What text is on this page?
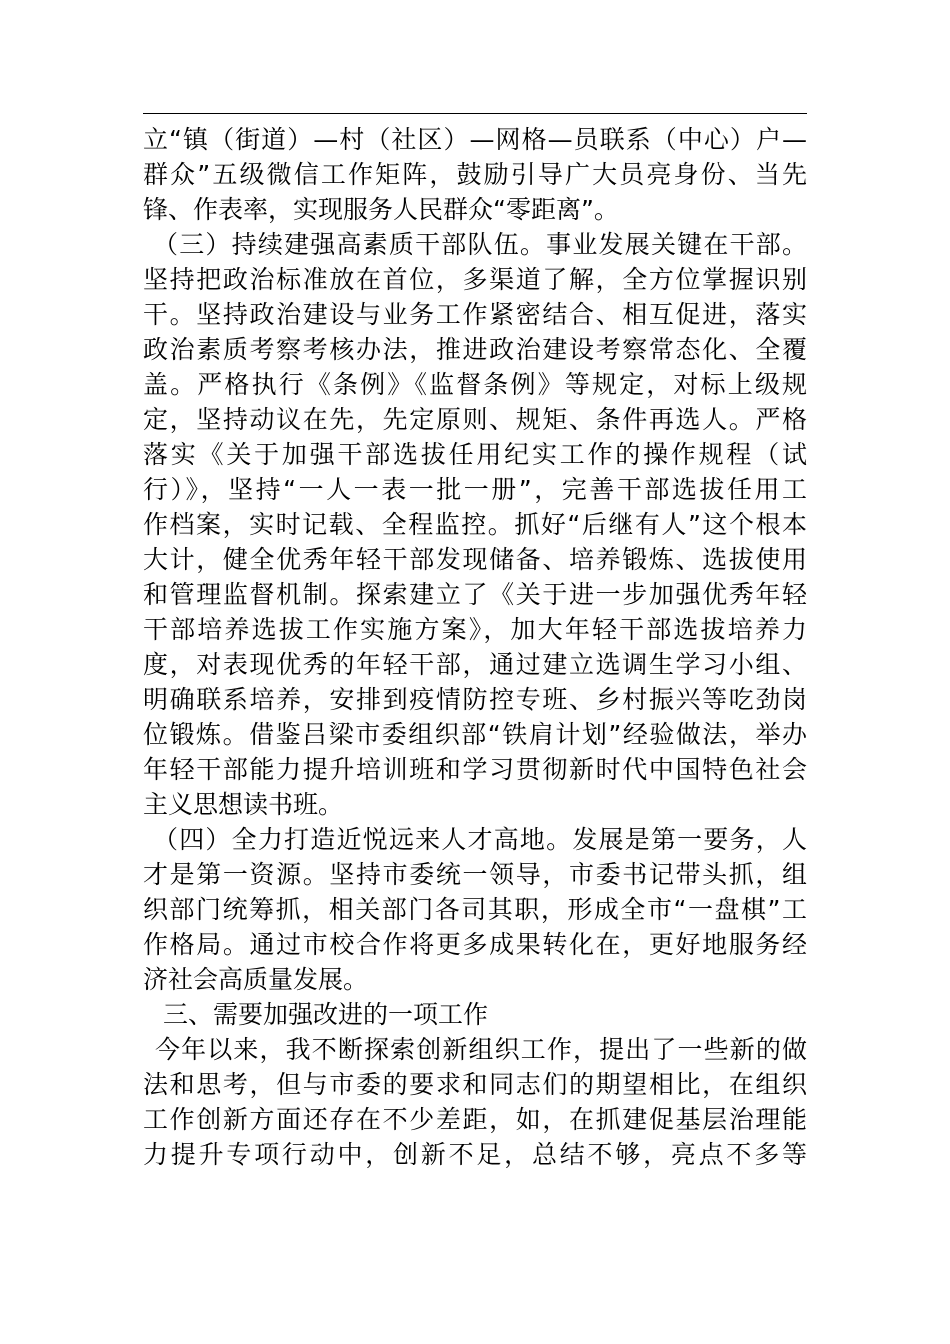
立“镇（街道）—村（社区）—网格—员联系（中心）户—
群众”五级微信工作矩阵，鼓励引导广大员亮身份、当先
锋、作表率，实现服务人民群众“零距离”。
（三）持续建强高素质干部队伍。事业发展关键在干部。
坚持把政治标准放在首位，多渠道了解，全方位掌握识别
干。坚持政治建设与业务工作紧密结合、相互促进，落实
政治素质考察考核办法，推进政治建设考察常态化、全覆
盖。严格执行《条例》《监督条例》等规定，对标上级规
定，坚持动议在先，先定原则、规矩、条件再选人。严格
落实《关于加强干部选拔任用纪实工作的操作规程（试
行）》，坚持“一人一表一批一册”，完善干部选拔任用工
作档案，实时记载、全程监控。抓好“后继有人”这个根本
大计，健全优秀年轻干部发现储备、培养锻炼、选拔使用
和管理监督机制。探索建立了《关于进一步加强优秀年轻
干部培养选拔工作实施方案》，加大年轻干部选拔培养力
度，对表现优秀的年轻干部，通过建立选调生学习小组、
明确联系培养，安排到疫情防控专班、乡村振兴等吃劲岗
位锻炼。借鉴吕梁市委组织部“铁肩计划”经验做法，举办
年轻干部能力提升培训班和学习贯彻新时代中国特色社会
主义思想读书班。
（四）全力打造近悦远来人才高地。发展是第一要务，人
才是第一资源。坚持市委统一领导，市委书记带头抓，组
织部门统筹抓，相关部门各司其职，形成全市“一盘棋”工
作格局。通过市校合作将更多成果转化在，更好地服务经
济社会高质量发展。
三、需要加强改进的一项工作
今年以来，我不断探索创新组织工作，提出了一些新的做
法和思考，但与市委的要求和同志们的期望相比，在组织
工作创新方面还存在不少差距，如，在抓建促基层治理能
力提升专项行动中，创新不足，总结不够，亮点不多等
